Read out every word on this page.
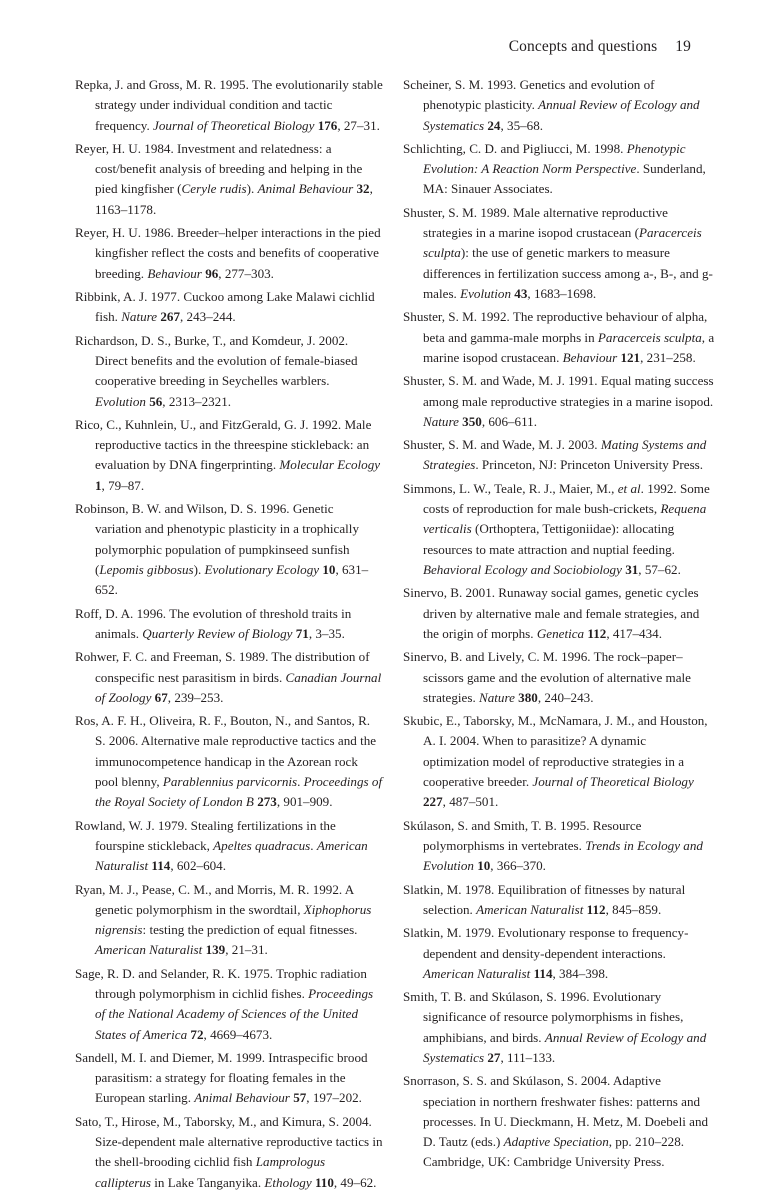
Concepts and questions 19

Repka, J. and Gross, M. R. 1995. The evolutionarily stable strategy under individual condition and tactic frequency. Journal of Theoretical Biology 176, 27–31.

Reyer, H. U. 1984. Investment and relatedness: a cost/benefit analysis of breeding and helping in the pied kingfisher (Ceryle rudis). Animal Behaviour 32, 1163–1178.

Reyer, H. U. 1986. Breeder–helper interactions in the pied kingfisher reflect the costs and benefits of cooperative breeding. Behaviour 96, 277–303.

Ribbink, A. J. 1977. Cuckoo among Lake Malawi cichlid fish. Nature 267, 243–244.

Richardson, D. S., Burke, T., and Komdeur, J. 2002. Direct benefits and the evolution of female-biased cooperative breeding in Seychelles warblers. Evolution 56, 2313–2321.

Rico, C., Kuhnlein, U., and FitzGerald, G. J. 1992. Male reproductive tactics in the threespine stickleback: an evaluation by DNA fingerprinting. Molecular Ecology 1, 79–87.

Robinson, B. W. and Wilson, D. S. 1996. Genetic variation and phenotypic plasticity in a trophically polymorphic population of pumpkinseed sunfish (Lepomis gibbosus). Evolutionary Ecology 10, 631–652.

Roff, D. A. 1996. The evolution of threshold traits in animals. Quarterly Review of Biology 71, 3–35.

Rohwer, F. C. and Freeman, S. 1989. The distribution of conspecific nest parasitism in birds. Canadian Journal of Zoology 67, 239–253.

Ros, A. F. H., Oliveira, R. F., Bouton, N., and Santos, R. S. 2006. Alternative male reproductive tactics and the immunocompetence handicap in the Azorean rock pool blenny, Parablennius parvicornis. Proceedings of the Royal Society of London B 273, 901–909.

Rowland, W. J. 1979. Stealing fertilizations in the fourspine stickleback, Apeltes quadracus. American Naturalist 114, 602–604.

Ryan, M. J., Pease, C. M., and Morris, M. R. 1992. A genetic polymorphism in the swordtail, Xiphophorus nigrensis: testing the prediction of equal fitnesses. American Naturalist 139, 21–31.

Sage, R. D. and Selander, R. K. 1975. Trophic radiation through polymorphism in cichlid fishes. Proceedings of the National Academy of Sciences of the United States of America 72, 4669–4673.

Sandell, M. I. and Diemer, M. 1999. Intraspecific brood parasitism: a strategy for floating females in the European starling. Animal Behaviour 57, 197–202.

Sato, T., Hirose, M., Taborsky, M., and Kimura, S. 2004. Size-dependent male alternative reproductive tactics in the shell-brooding cichlid fish Lamprologus callipterus in Lake Tanganyika. Ethology 110, 49–62.

Scheiner, S. M. 1993. Genetics and evolution of phenotypic plasticity. Annual Review of Ecology and Systematics 24, 35–68.

Schlichting, C. D. and Pigliucci, M. 1998. Phenotypic Evolution: A Reaction Norm Perspective. Sunderland, MA: Sinauer Associates.

Shuster, S. M. 1989. Male alternative reproductive strategies in a marine isopod crustacean (Paracerceis sculpta): the use of genetic markers to measure differences in fertilization success among a-, B-, and g-males. Evolution 43, 1683–1698.

Shuster, S. M. 1992. The reproductive behaviour of alpha, beta and gamma-male morphs in Paracerceis sculpta, a marine isopod crustacean. Behaviour 121, 231–258.

Shuster, S. M. and Wade, M. J. 1991. Equal mating success among male reproductive strategies in a marine isopod. Nature 350, 606–611.

Shuster, S. M. and Wade, M. J. 2003. Mating Systems and Strategies. Princeton, NJ: Princeton University Press.

Simmons, L. W., Teale, R. J., Maier, M., et al. 1992. Some costs of reproduction for male bush-crickets, Requena verticalis (Orthoptera, Tettigoniidae): allocating resources to mate attraction and nuptial feeding. Behavioral Ecology and Sociobiology 31, 57–62.

Sinervo, B. 2001. Runaway social games, genetic cycles driven by alternative male and female strategies, and the origin of morphs. Genetica 112, 417–434.

Sinervo, B. and Lively, C. M. 1996. The rock–paper–scissors game and the evolution of alternative male strategies. Nature 380, 240–243.

Skubic, E., Taborsky, M., McNamara, J. M., and Houston, A. I. 2004. When to parasitize? A dynamic optimization model of reproductive strategies in a cooperative breeder. Journal of Theoretical Biology 227, 487–501.

Skúlason, S. and Smith, T. B. 1995. Resource polymorphisms in vertebrates. Trends in Ecology and Evolution 10, 366–370.

Slatkin, M. 1978. Equilibration of fitnesses by natural selection. American Naturalist 112, 845–859.

Slatkin, M. 1979. Evolutionary response to frequency-dependent and density-dependent interactions. American Naturalist 114, 384–398.

Smith, T. B. and Skúlason, S. 1996. Evolutionary significance of resource polymorphisms in fishes, amphibians, and birds. Annual Review of Ecology and Systematics 27, 111–133.

Snorrason, S. S. and Skúlason, S. 2004. Adaptive speciation in northern freshwater fishes: patterns and processes. In U. Dieckmann, H. Metz, M. Doebeli and D. Tautz (eds.) Adaptive Speciation, pp. 210–228. Cambridge, UK: Cambridge University Press.
